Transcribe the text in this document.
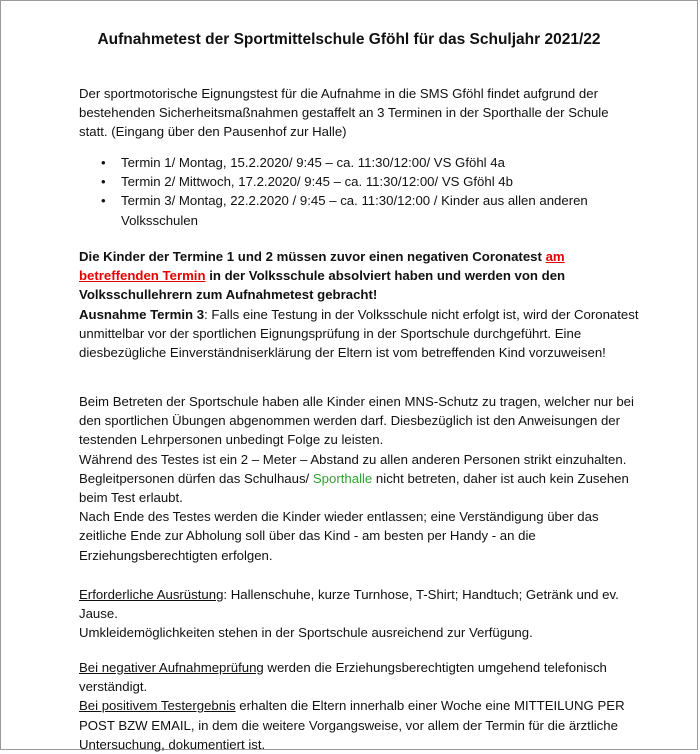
Aufnahmetest der Sportmittelschule Gföhl für das Schuljahr 2021/22
Der sportmotorische Eignungstest für die Aufnahme in die SMS Gföhl findet aufgrund der bestehenden Sicherheitsmaßnahmen gestaffelt an 3 Terminen in der Sporthalle der Schule statt. (Eingang über den Pausenhof zur Halle)
• Termin 1/ Montag, 15.2.2020/ 9:45 – ca. 11:30/12:00/ VS Gföhl 4a
• Termin 2/ Mittwoch, 17.2.2020/ 9:45 – ca. 11:30/12:00/ VS Gföhl 4b
• Termin 3/ Montag, 22.2.2020 / 9:45 – ca. 11:30/12:00 / Kinder aus allen anderen Volksschulen
Die Kinder der Termine 1 und 2 müssen zuvor einen negativen Coronatest am betreffenden Termin in der Volksschule absolviert haben und werden von den Volksschullehrern zum Aufnahmetest gebracht!
Ausnahme Termin 3: Falls eine Testung in der Volksschule nicht erfolgt ist, wird der Coronatest unmittelbar vor der sportlichen Eignungsprüfung in der Sportschule durchgeführt. Eine diesbezügliche Einverständniserklärung der Eltern ist vom betreffenden Kind vorzuweisen!
Beim Betreten der Sportschule haben alle Kinder einen MNS-Schutz zu tragen, welcher nur bei den sportlichen Übungen abgenommen werden darf. Diesbezüglich ist den Anweisungen der testenden Lehrpersonen unbedingt Folge zu leisten.
Während des Testes ist ein 2 – Meter – Abstand zu allen anderen Personen strikt einzuhalten.
Begleitpersonen dürfen das Schulhaus/ Sporthalle nicht betreten, daher ist auch kein Zusehen beim Test erlaubt.
Nach Ende des Testes werden die Kinder wieder entlassen; eine Verständigung über das zeitliche Ende zur Abholung soll über das Kind - am besten per Handy - an die Erziehungsberechtigten erfolgen.
Erforderliche Ausrüstung: Hallenschuhe, kurze Turnhose, T-Shirt; Handtuch; Getränk und ev. Jause.
Umkleidemöglichkeiten stehen in der Sportschule ausreichend zur Verfügung.
Bei negativer Aufnahmeprüfung werden die Erziehungsberechtigten umgehend telefonisch verständigt.
Bei positivem Testergebnis erhalten die Eltern innerhalb einer Woche eine MITTEILUNG PER POST BZW EMAIL, in dem die weitere Vorgangsweise, vor allem der Termin für die ärztliche Untersuchung, dokumentiert ist.
